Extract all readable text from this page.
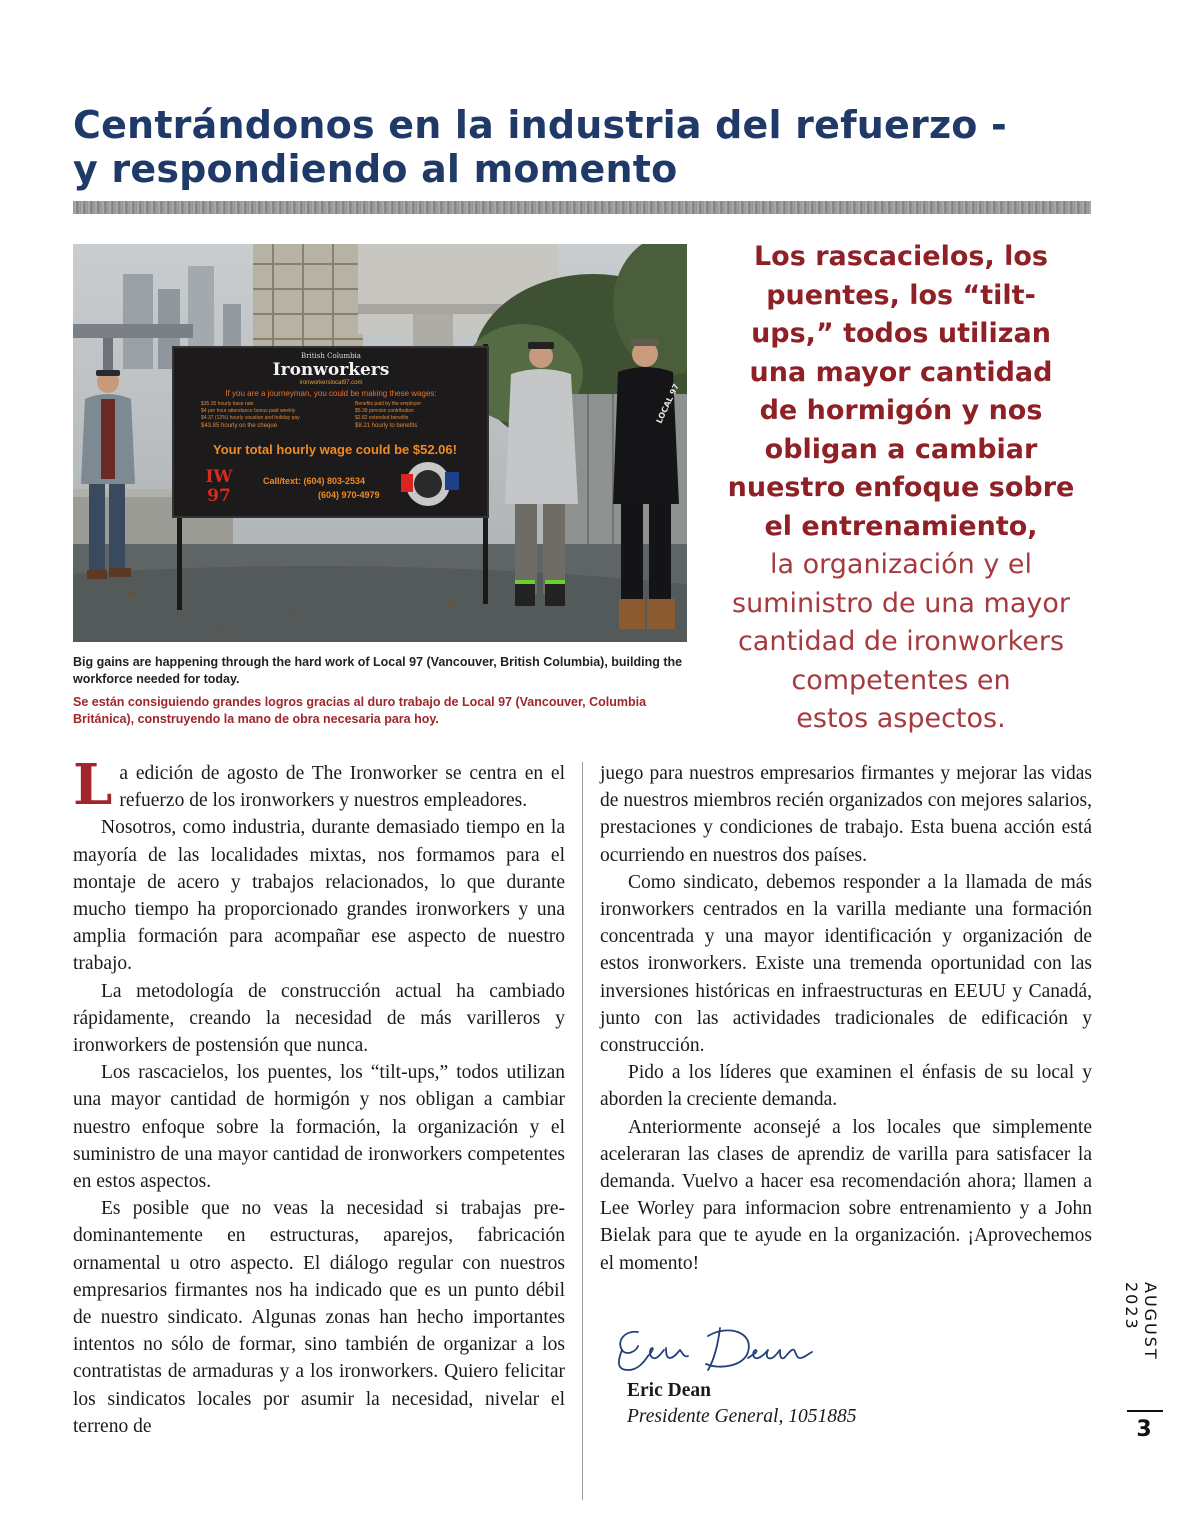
Centrándonos en la industria del refuerzo -
y respondiendo al momento
British Columbia
Ironworkers
ironworkerslocal97.com
If you are a journeyman, you could be making these wages:
$35.35 hourly base rate
$4 per hour attendance bonus paid weekly
$4.37 (12%) hourly vacation and holiday pay
$43.85 hourly on the cheque
Benefits paid by the employer:
$5.39 pension contribution
$2.82 extended benefits
$8.21 hourly to benefits
Your total hourly wage could be $52.06!
IW
97
Call/text: (604) 803-2534
(604) 970-4979
LOCAL 97
Big gains are happening through the hard work of Local 97 (Vancouver, British Columbia), building the workforce needed for today.
Se están consiguiendo grandes logros gracias al duro trabajo de Local 97 (Vancouver, Columbia Británica), construyendo la mano de obra necesaria para hoy.
Los rascacielos, los
puentes, los “tilt-
ups,” todos utilizan
una mayor cantidad
de hormigón y nos
obligan a cambiar
nuestro enfoque sobre
el entrenamiento,
la organización y el
suministro de una mayor
cantidad de ironworkers
competentes en
estos aspectos.

La edición de agosto de The Ironworker se centra en el refuerzo de los ironworkers y nuestros empleadores.

Nosotros, como industria, durante demasiado tiempo en la mayoría de las localidades mixtas, nos formamos para el montaje de acero y trabajos relacionados, lo que durante mucho tiempo ha proporcionado grandes ironworkers y una amplia formación para acompañar ese aspecto de nuestro trabajo.

La metodología de construcción actual ha cambiado rápidamente, creando la necesidad de más varilleros y ironworkers de postensión que nunca.

Los rascacielos, los puentes, los “tilt-ups,” todos utilizan una mayor cantidad de hormigón y nos obligan a cambiar nuestro enfoque sobre la formación, la organización y el suministro de una mayor cantidad de ironworkers competentes en estos aspectos.

Es posible que no veas la necesidad si trabajas predominantemente en estructuras, aparejos, fabricación ornamental u otro aspecto. El diálogo regular con nuestros empresarios firmantes nos ha indicado que es un punto débil de nuestro sindicato. Algunas zonas han hecho importantes intentos no sólo de formar, sino también de organizar a los contratistas de armaduras y a los ironworkers. Quiero felicitar los sindicatos locales por asumir la necesidad, nivelar el terreno de

juego para nuestros empresarios firmantes y mejorar las vidas de nuestros miembros recién organizados con mejores salarios, prestaciones y condiciones de trabajo. Esta buena acción está ocurriendo en nuestros dos países.

Como sindicato, debemos responder a la llamada de más ironworkers centrados en la varilla mediante una formación concentrada y una mayor identificación y organización de estos ironworkers. Existe una tremenda oportunidad con las inversiones históricas en infraestructuras en EEUU y Canadá, junto con las actividades tradicionales de edificación y construcción.

Pido a los líderes que examinen el énfasis de su local y aborden la creciente demanda.

Anteriormente aconsejé a los locales que simplemente aceleraran las clases de aprendiz de varilla para satisfacer la demanda. Vuelvo a hacer esa recomendación ahora; llamen a Lee Worley para informacion sobre entrenamiento y a John Bielak para que te ayude en la organización. ¡Aprovechemos el momento!

Eric Dean
Presidente General, 1051885
AUGUST 2023
3
